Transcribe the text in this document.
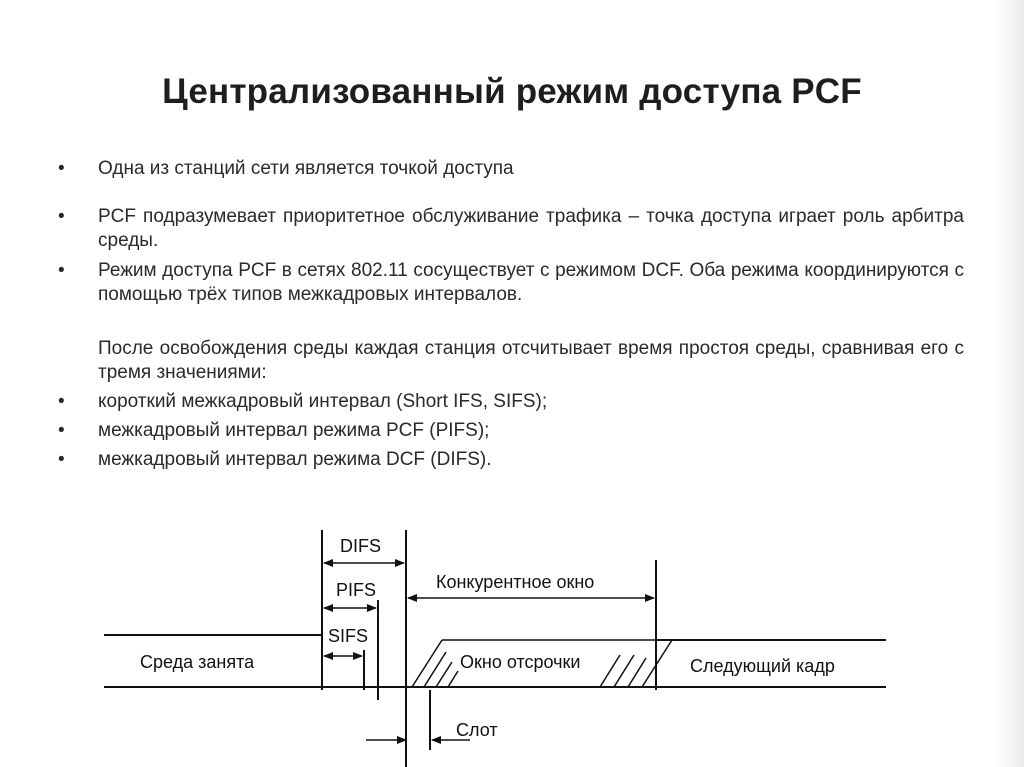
Централизованный режим доступа PCF
•	Одна из станций сети является точкой доступа
•	PCF подразумевает приоритетное обслуживание трафика – точка доступа играет роль арбитра среды.
•	Режим доступа PCF в сетях 802.11 сосуществует с режимом DCF. Оба режима координируются с помощью трёх типов межкадровых интервалов.
После освобождения среды каждая станция отсчитывает время простоя среды, сравнивая его с тремя значениями:
•	короткий межкадровый интервал (Short IFS, SIFS);
•	межкадровый интервал режима PCF (PIFS);
•	межкадровый интервал режима DCF (DIFS).
DIFS
PIFS
SIFS
Конкурентное окно
Среда занята	Окно отсрочки	Следующий кадр
Слот
